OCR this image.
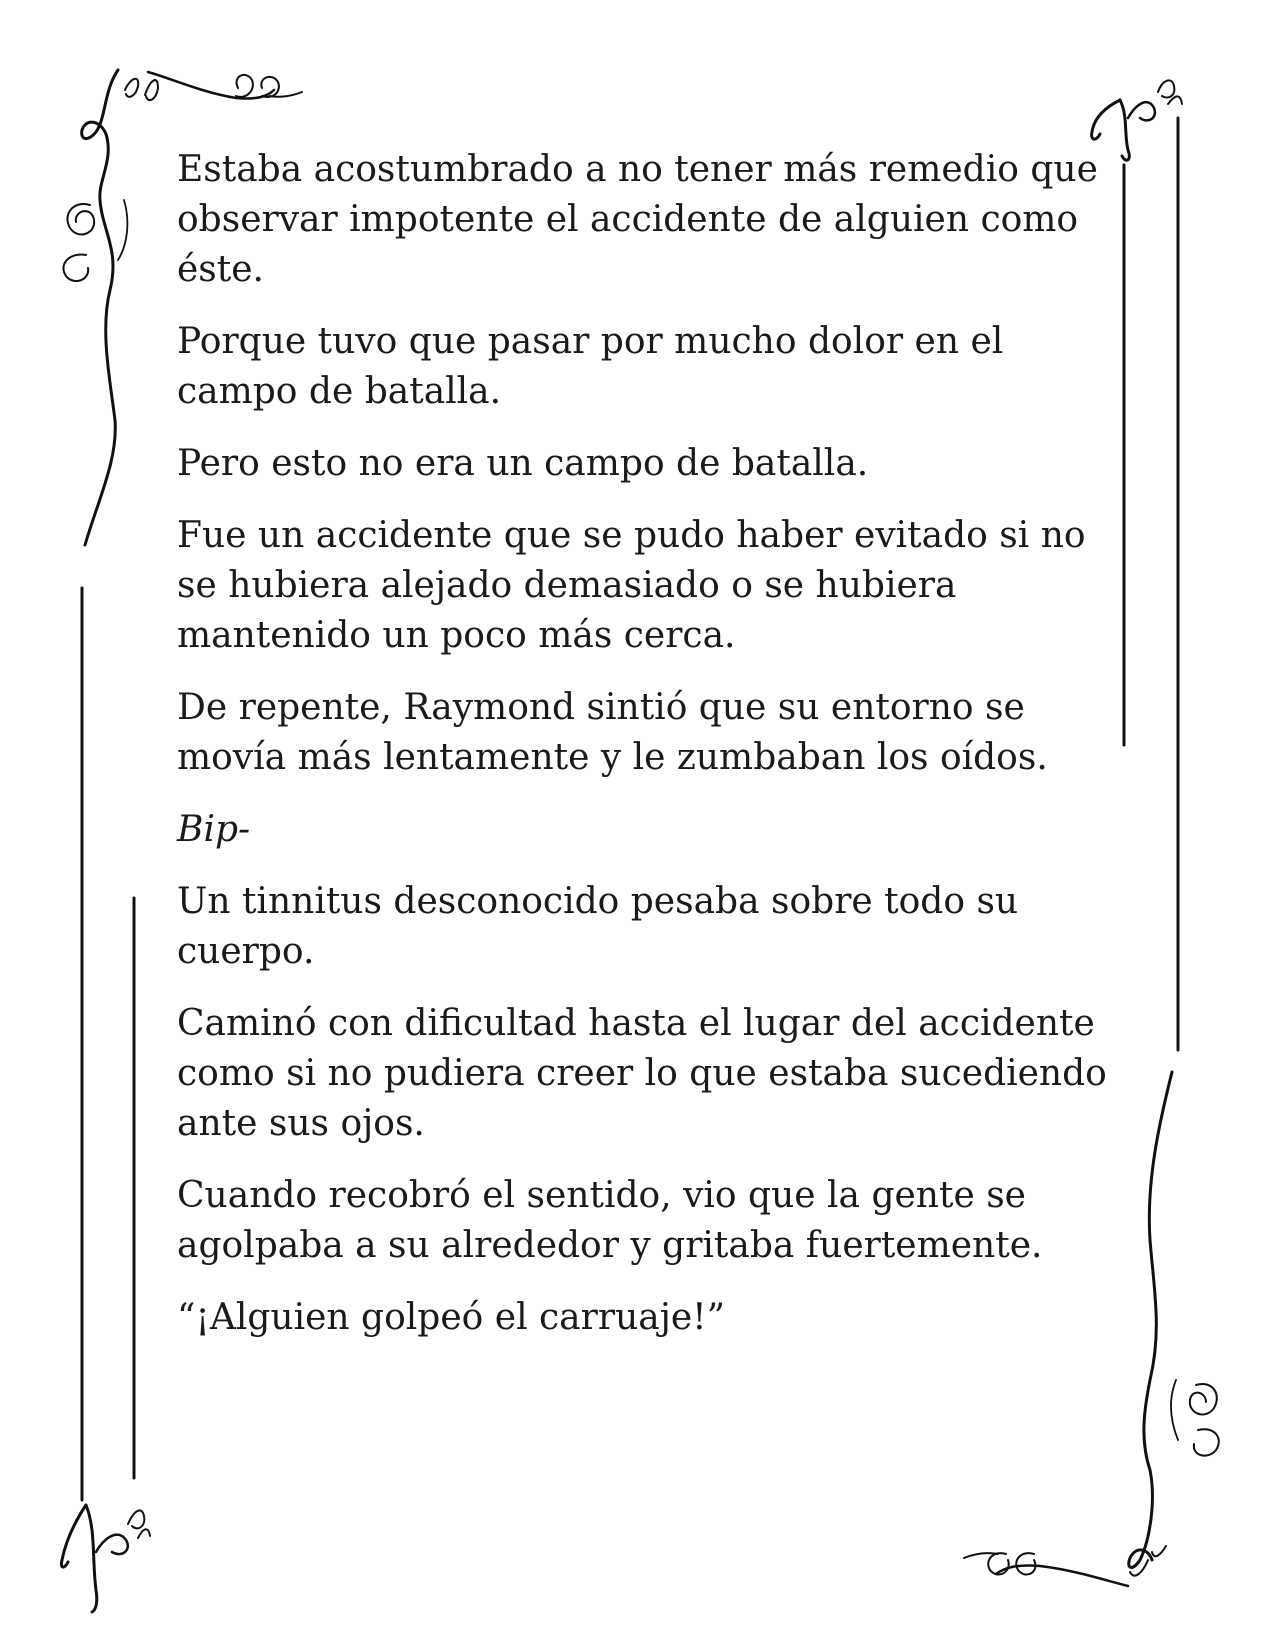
Estaba acostumbrado a no tener más remedio que observar impotente el accidente de alguien como éste.

Porque tuvo que pasar por mucho dolor en el campo de batalla.

Pero esto no era un campo de batalla.

Fue un accidente que se pudo haber evitado si no se hubiera alejado demasiado o se hubiera mantenido un poco más cerca.

De repente, Raymond sintió que su entorno se movía más lentamente y le zumbaban los oídos.

Bip-

Un tinnitus desconocido pesaba sobre todo su cuerpo.

Caminó con dificultad hasta el lugar del accidente como si no pudiera creer lo que estaba sucediendo ante sus ojos.

Cuando recobró el sentido, vio que la gente se agolpaba a su alrededor y gritaba fuertemente.

“¡Alguien golpeó el carruaje!”
